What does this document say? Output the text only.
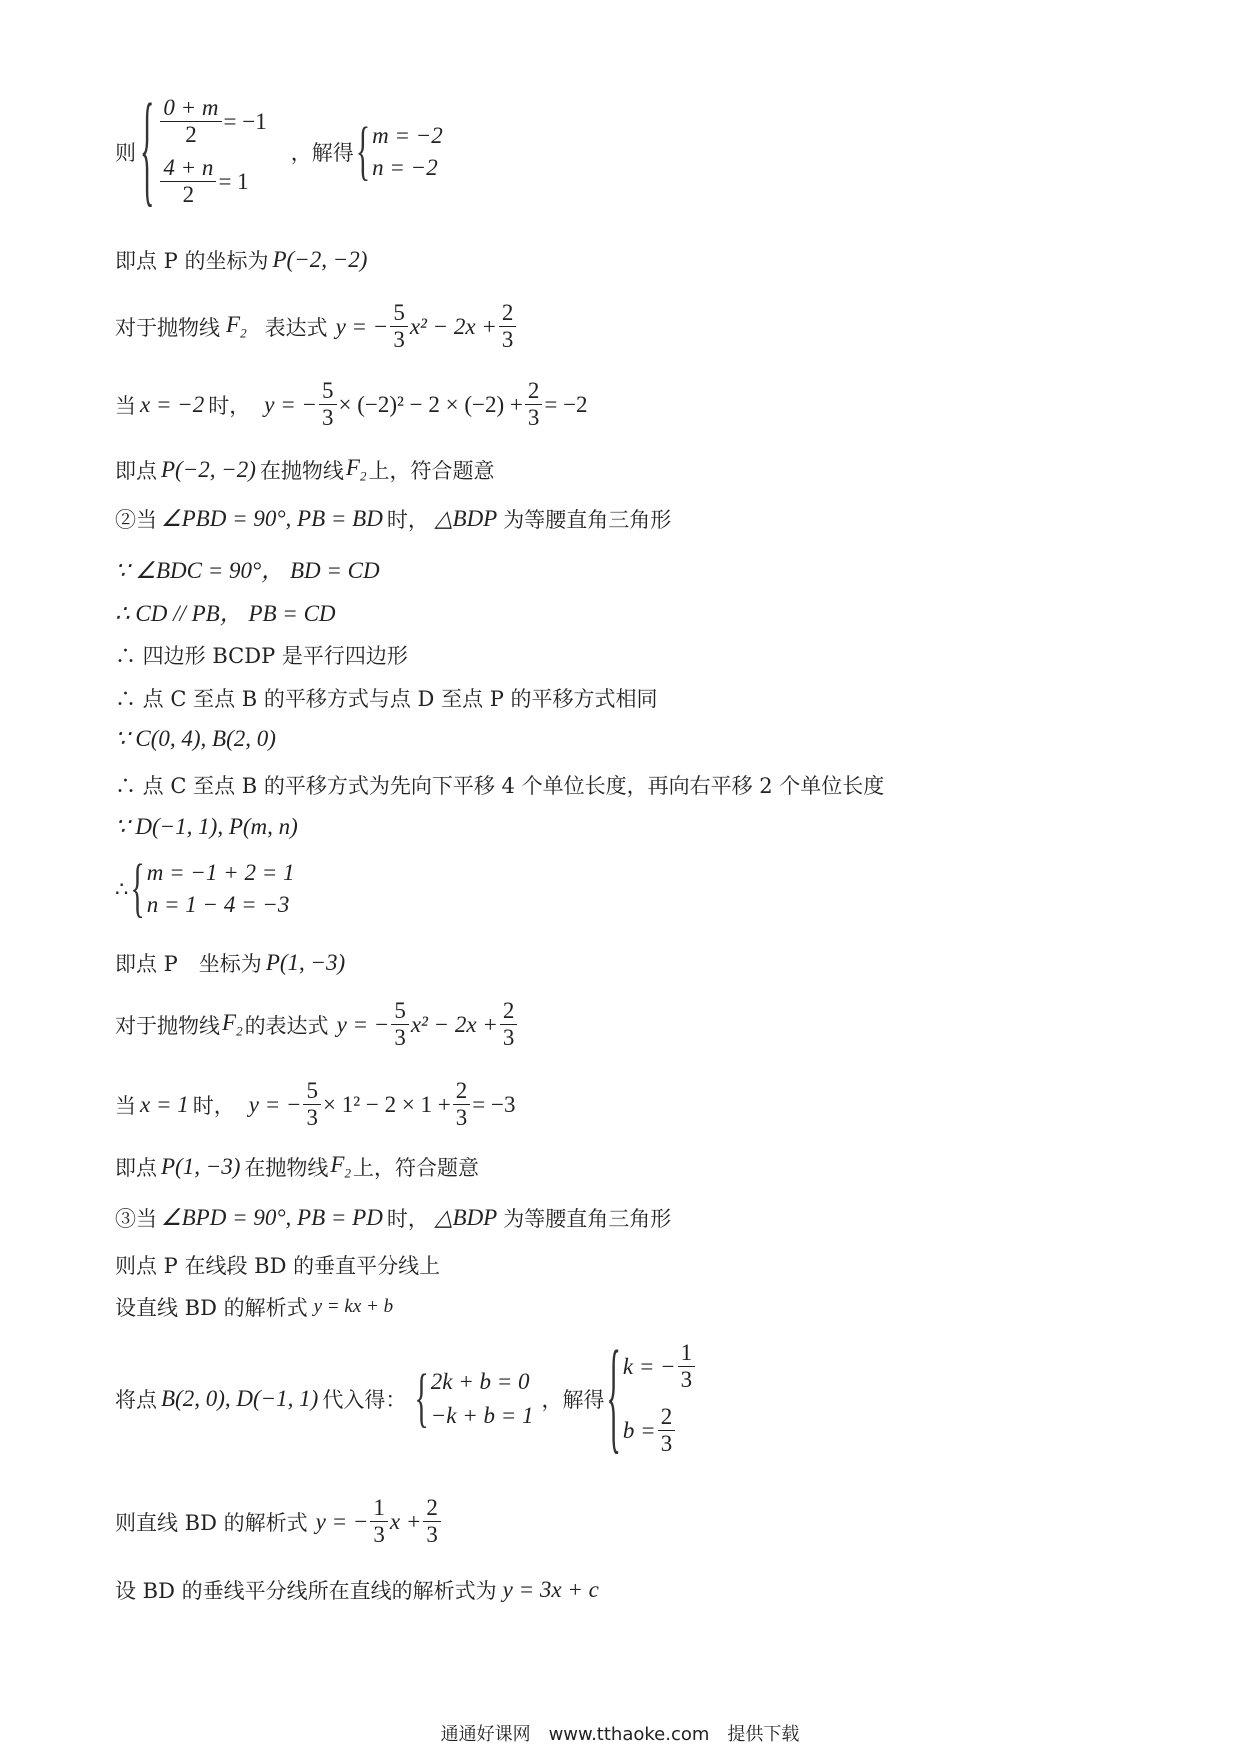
则 { $\frac{0 + m}{2} = -1$
$\frac{4 + n}{2} = 1$
，解得 { m = −2
n = −2
即点 P 的坐标为 P(−2, −2)
对于抛物线 $F_2$ 表达式 y = − $\frac{5}{3} x^2 - 2x + \frac{2}{3}$
当 x = −2 时， y = − $\frac{5}{3} \times (-2)^2 - 2 \times (-2) + \frac{2}{3} = -2$
即点 P(−2, −2) 在抛物线 $F_2$ 上，符合题意
②当 ∠PBD = 90°, PB = BD 时， △BDP 为等腰直角三角形
∵ ∠BDC = 90°， BD = CD
∴ CD // PB， PB = CD
∴ 四边形 BCDP 是平行四边形
∴ 点 C 至点 B 的平移方式与点 D 至点 P 的平移方式相同
∵ C(0, 4), B(2, 0)
∴ 点 C 至点 B 的平移方式为先向下平移 4 个单位长度，再向右平移 2 个单位长度
∵ D(−1, 1), P(m, n)
∴ { m = −1 + 2 = 1
n = 1 − 4 = −3
即点 P　坐标为 P(1, −3)
对于抛物线 $F_2$ 的表达式 y = − $\frac{5}{3} x^2 - 2x + \frac{2}{3}$
当 x = 1 时， y = − $\frac{5}{3} \times 1^2 - 2 \times 1 + \frac{2}{3} = -3$
即点 P(1, −3) 在抛物线 $F_2$ 上，符合题意
③当 ∠BPD = 90°, PB = PD 时， △BDP 为等腰直角三角形
则点 P 在线段 BD 的垂直平分线上
设直线 BD 的解析式 y = kx + b
将点 B(2, 0), D(−1, 1) 代入得： { 2k + b = 0
−k + b = 1
，解得 { k = − $\frac{1}{3}$
$b = \frac{2}{3}$
则直线 BD 的解析式 y = − $\frac{1}{3}$ $x + \frac{2}{3}$
设 BD 的垂线平分线所在直线的解析式为 y = 3x + c
通通好课网　www.tthaoke.com　提供下载
